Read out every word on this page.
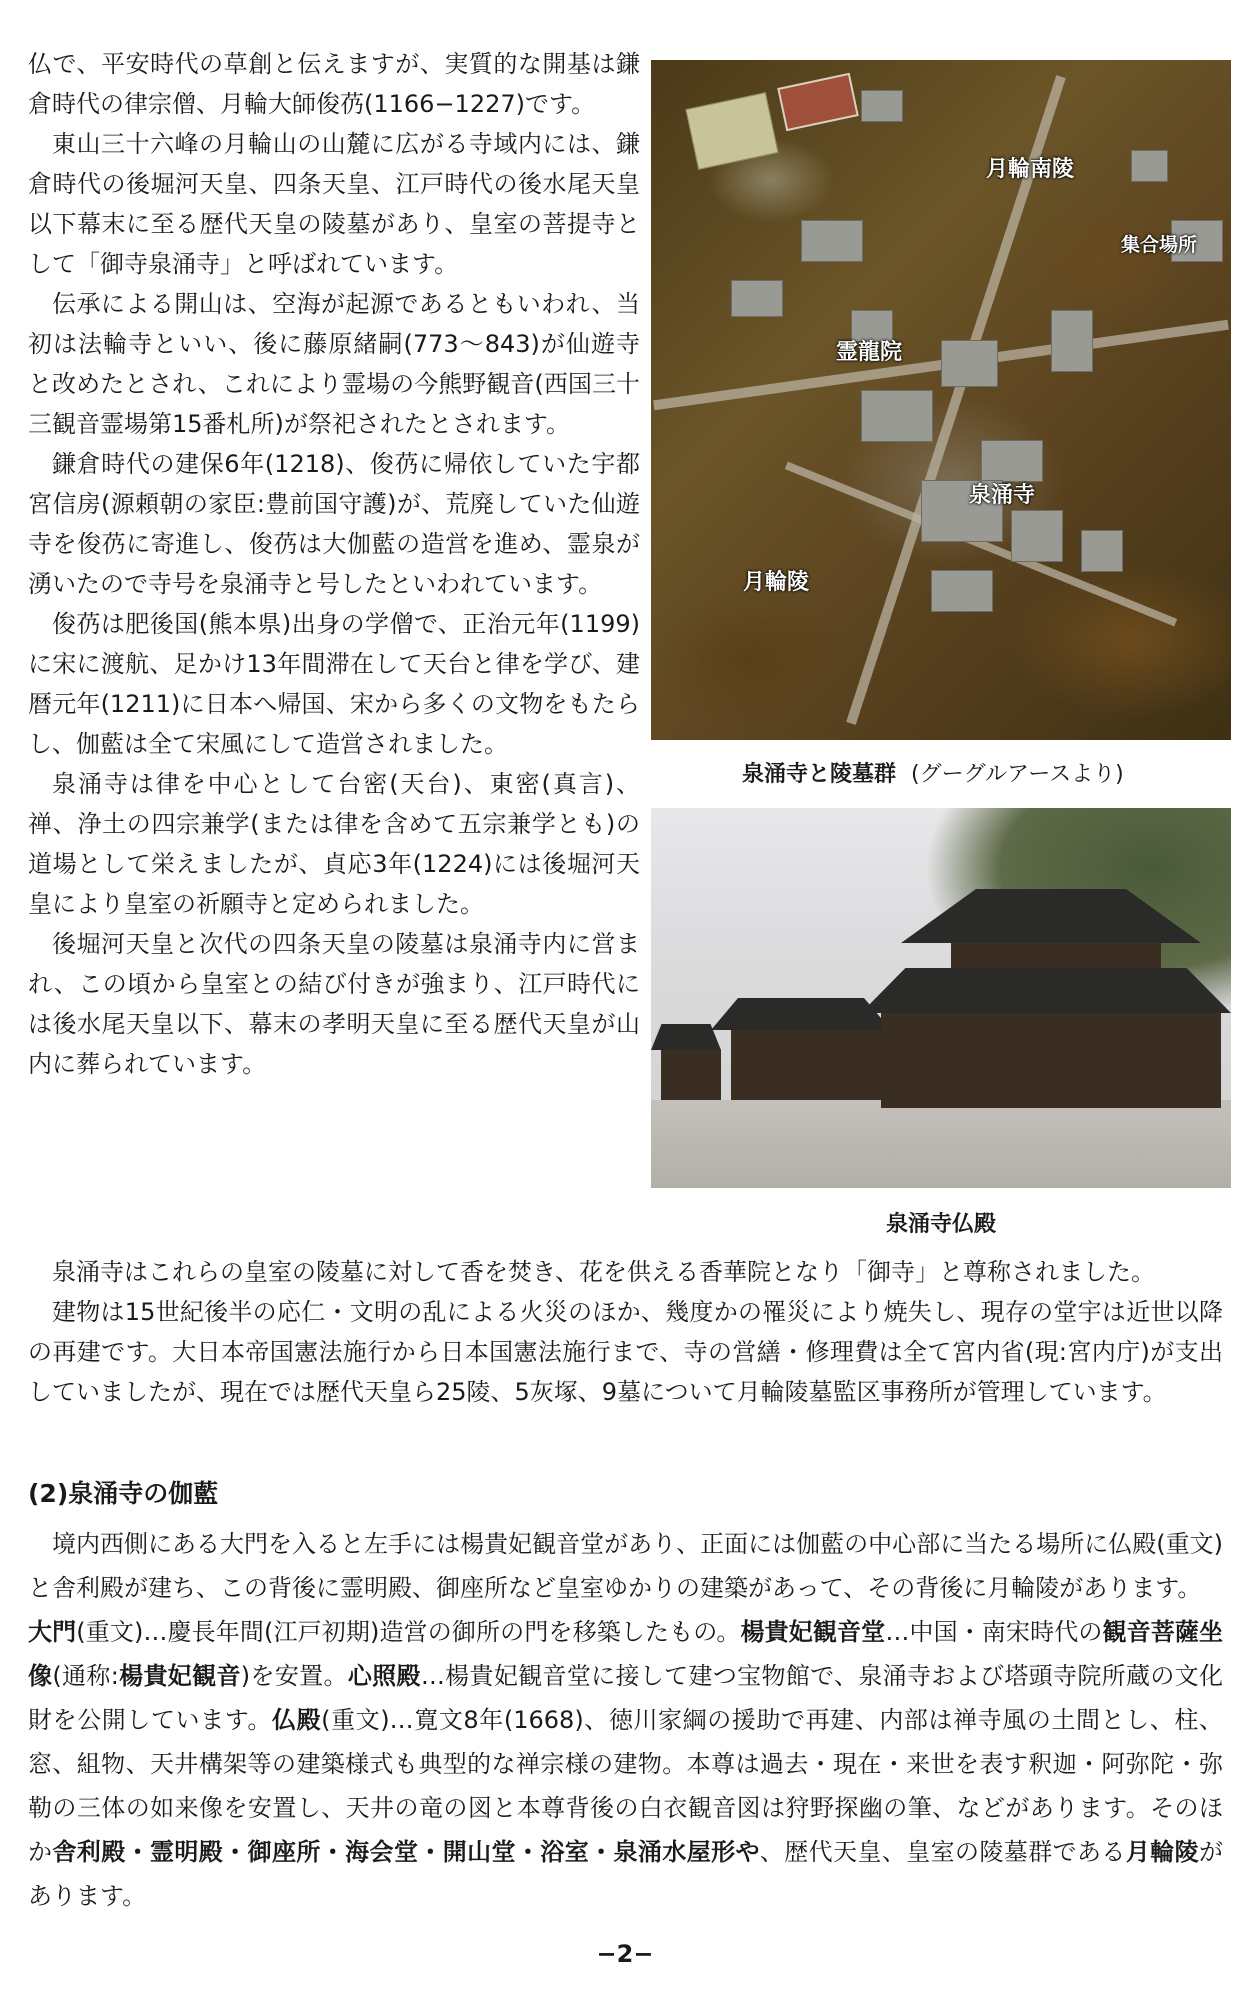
仏で、平安時代の草創と伝えますが、実質的な開基は鎌倉時代の律宗僧、月輪大師俊芿(1166−1227)です。

東山三十六峰の月輪山の山麓に広がる寺域内には、鎌倉時代の後堀河天皇、四条天皇、江戸時代の後水尾天皇以下幕末に至る歴代天皇の陵墓があり、皇室の菩提寺として「御寺泉涌寺」と呼ばれています。

伝承による開山は、空海が起源であるともいわれ、当初は法輪寺といい、後に藤原緒嗣(773〜843)が仙遊寺と改めたとされ、これにより霊場の今熊野観音(西国三十三観音霊場第15番札所)が祭祀されたとされます。

鎌倉時代の建保6年(1218)、俊芿に帰依していた宇都宮信房(源頼朝の家臣:豊前国守護)が、荒廃していた仙遊寺を俊芿に寄進し、俊芿は大伽藍の造営を進め、霊泉が湧いたので寺号を泉涌寺と号したといわれています。

俊芿は肥後国(熊本県)出身の学僧で、正治元年(1199)に宋に渡航、足かけ13年間滞在して天台と律を学び、建暦元年(1211)に日本へ帰国、宋から多くの文物をもたらし、伽藍は全て宋風にして造営されました。

泉涌寺は律を中心として台密(天台)、東密(真言)、禅、浄土の四宗兼学(または律を含めて五宗兼学とも)の道場として栄えましたが、貞応3年(1224)には後堀河天皇により皇室の祈願寺と定められました。

後堀河天皇と次代の四条天皇の陵墓は泉涌寺内に営まれ、この頃から皇室との結び付きが強まり、江戸時代には後水尾天皇以下、幕末の孝明天皇に至る歴代天皇が山内に葬られています。

月輪南陵
集合場所
霊龍院
泉涌寺
月輪陵
泉涌寺と陵墓群 (グーグルアースより)
泉涌寺仏殿

泉涌寺はこれらの皇室の陵墓に対して香を焚き、花を供える香華院となり「御寺」と尊称されました。

建物は15世紀後半の応仁・文明の乱による火災のほか、幾度かの罹災により焼失し、現存の堂宇は近世以降の再建です。大日本帝国憲法施行から日本国憲法施行まで、寺の営繕・修理費は全て宮内省(現:宮内庁)が支出していましたが、現在では歴代天皇ら25陵、5灰塚、9墓について月輪陵墓監区事務所が管理しています。

(2)泉涌寺の伽藍

境内西側にある大門を入ると左手には楊貴妃観音堂があり、正面には伽藍の中心部に当たる場所に仏殿(重文)と舎利殿が建ち、この背後に霊明殿、御座所など皇室ゆかりの建築があって、その背後に月輪陵があります。

大門(重文)…慶長年間(江戸初期)造営の御所の門を移築したもの。楊貴妃観音堂…中国・南宋時代の観音菩薩坐像(通称:楊貴妃観音)を安置。心照殿…楊貴妃観音堂に接して建つ宝物館で、泉涌寺および塔頭寺院所蔵の文化財を公開しています。仏殿(重文)…寛文8年(1668)、徳川家綱の援助で再建、内部は禅寺風の土間とし、柱、窓、組物、天井構架等の建築様式も典型的な禅宗様の建物。本尊は過去・現在・来世を表す釈迦・阿弥陀・弥勒の三体の如来像を安置し、天井の竜の図と本尊背後の白衣観音図は狩野探幽の筆、などがあります。そのほか舎利殿・霊明殿・御座所・海会堂・開山堂・浴室・泉涌水屋形や、歴代天皇、皇室の陵墓群である月輪陵があります。

−2−
